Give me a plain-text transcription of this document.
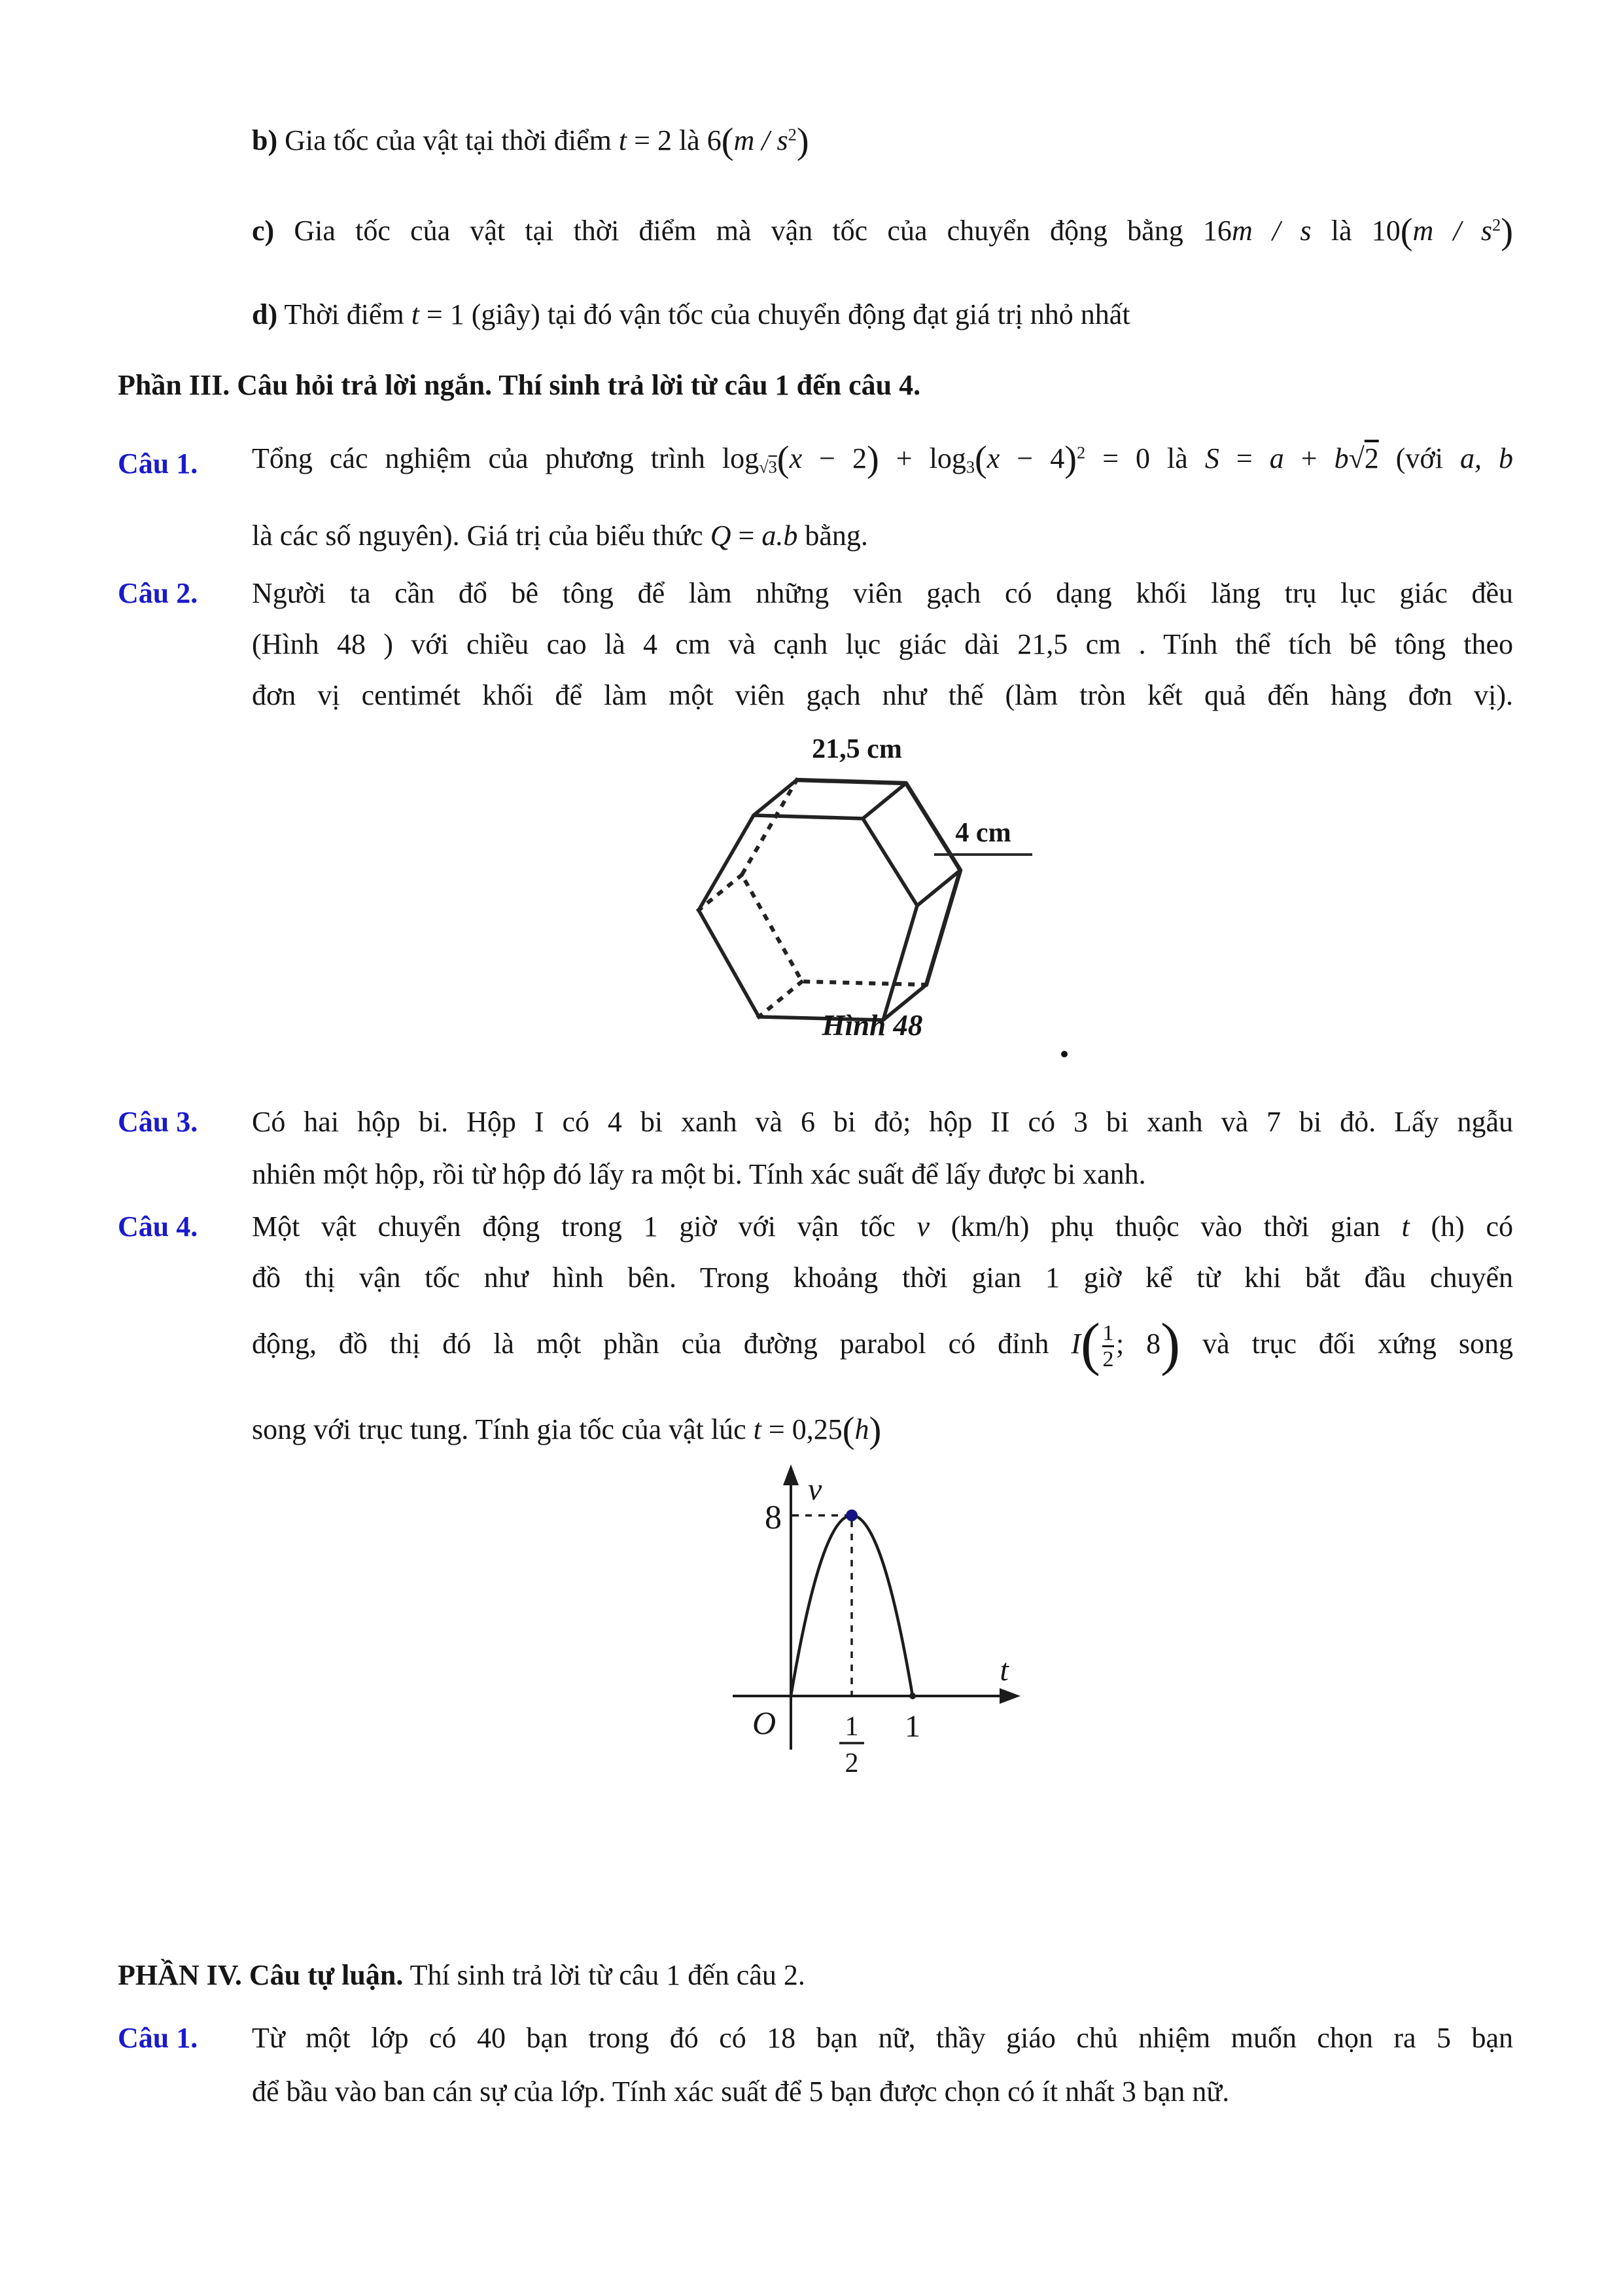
b) Gia tốc của vật tại thời điểm t = 2 là $6(m / s^2)$
c) Gia tốc của vật tại thời điểm mà vận tốc của chuyển động bằng 16m / s là $10(m / s^2)$
d) Thời điểm t = 1 (giây) tại đó vận tốc của chuyển động đạt giá trị nhỏ nhất
Phần III. Câu hỏi trả lời ngắn. Thí sinh trả lời từ câu 1 đến câu 4.
Câu 1. Tổng các nghiệm của phương trình $\log_{√3}(x - 2) + \log_3(x - 4)^2 = 0$ là S = a + b√2 (với a, b
là các số nguyên). Giá trị của biểu thức Q = a.b bằng.
Câu 2. Người ta cần đổ bê tông để làm những viên gạch có dạng khối lăng trụ lục giác đều
(Hình 48 ) với chiều cao là 4 cm và cạnh lục giác dài 21,5 cm . Tính thể tích bê tông theo
đơn vị centimét khối để làm một viên gạch như thế (làm tròn kết quả đến hàng đơn vị).
21,5 cm
4 cm
Hình 48
Câu 3. Có hai hộp bi. Hộp I có 4 bi xanh và 6 bi đỏ; hộp II có 3 bi xanh và 7 bi đỏ. Lấy ngẫu
nhiên một hộp, rồi từ hộp đó lấy ra một bi. Tính xác suất để lấy được bi xanh.
Câu 4. Một vật chuyển động trong 1 giờ với vận tốc v (km/h) phụ thuộc vào thời gian t (h) có
đồ thị vận tốc như hình bên. Trong khoảng thời gian 1 giờ kể từ khi bắt đầu chuyển
động, đồ thị đó là một phần của đường parabol có đỉnh $I( \frac{1}{2}$ ; 8) và trục đối xứng song
song với trục tung. Tính gia tốc của vật lúc t = 0,25(h)
v
8
O	1
2
1
t
PHẦN IV. Câu tự luận. Thí sinh trả lời từ câu 1 đến câu 2.
Câu 1. Từ một lớp có 40 bạn trong đó có 18 bạn nữ, thầy giáo chủ nhiệm muốn chọn ra 5 bạn
để bầu vào ban cán sự của lớp. Tính xác suất để 5 bạn được chọn có ít nhất 3 bạn nữ.
